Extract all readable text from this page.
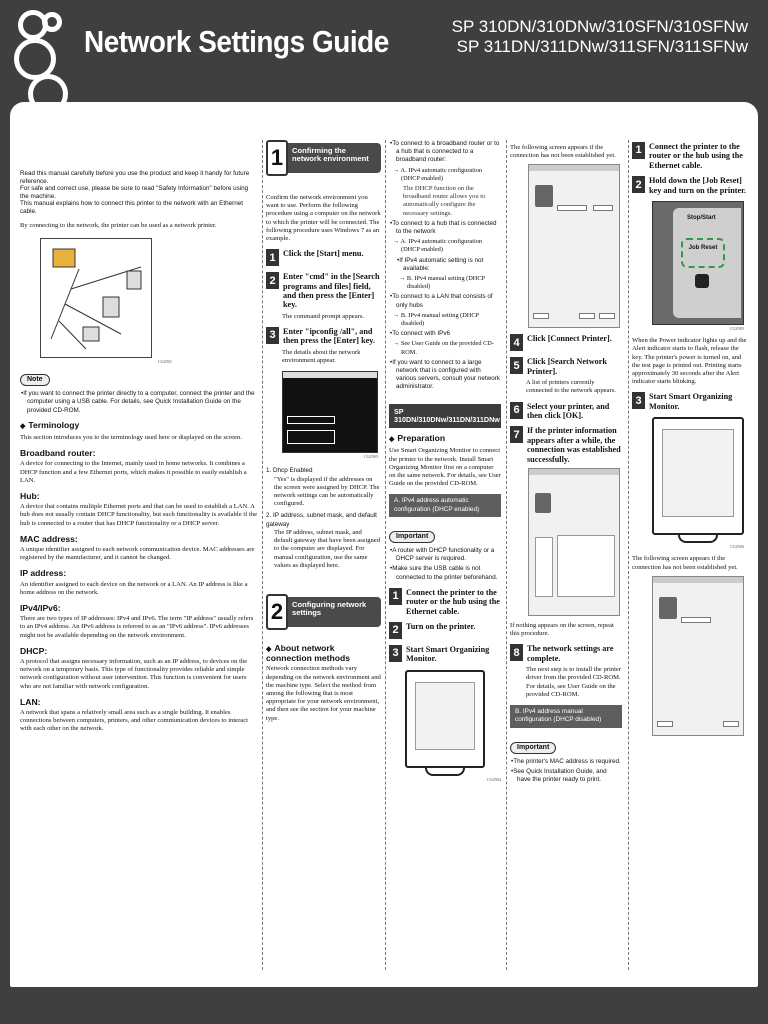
Network Settings Guide	SP 310DN/310DNw/310SFN/310SFNw
SP 311DN/311DNw/311SFN/311SFNw
Read this manual carefully before you use the product and keep it handy for future reference.
For safe and correct use, please be sure to read "Safety Information" before using the machine.
This manual explains how to connect this printer to the network with an Ethernet cable.

By connecting to the network, the printer can be used as a network printer.

CGZ901
Note
• If you want to connect the printer directly to a computer, connect the printer and the computer using a USB cable. For details, see Quick Installation Guide on the provided CD-ROM.
◆ Terminology

This section introduces you to the terminology used here or displayed on the screen.

Broadband router:

A device for connecting to the Internet, mainly used in home networks. It combines a DHCP function and a few Ethernet ports, which makes it possible to easily establish a LAN.

Hub:

A device that contains multiple Ethernet ports and that can be used to establish a LAN. A hub does not usually contain DHCP functionality, but such functionality is available if the hub is connected to a router that has DHCP functionality or a DHCP server.

MAC address:

A unique identifier assigned to each network communication device. MAC addresses are registered by the manufacturer, and it cannot be changed.

IP address:

An identifier assigned to each device on the network or a LAN. An IP address is like a home address on the network.

IPv4/IPv6:

There are two types of IP addresses: IPv4 and IPv6. The term "IP address" usually refers to an IPv4 address. An IPv6 address is referred to as an "IPv6 address". IPv6 addresses might not be available depending on the network environment.

DHCP:

A protocol that assigns necessary information, such as an IP address, to devices on the network on a temporary basis. This type of functionality provides reliable and simple network configuration without user intervention. This function is convenient for users who are not familiar with network configuration.

LAN:

A network that spans a relatively small area such as a single building. It enables connections between computers, printers, and other communication devices to interact with each other on the network.

1	Confirming the network environment

Confirm the network environment you want to use. Perform the following procedure using a computer on the network to which the printer will be connected. The following procedure uses Windows 7 as an example.

1 Click the [Start] menu.
2 Enter "cmd" in the [Search programs and files] field, and then press the [Enter] key.

The command prompt appears.

3 Enter "ipconfig /all", and then press the [Enter] key.

The details about the network environment appear.

CGZ903
1. Dhcp Enabled

"Yes" is displayed if the addresses on the screen were assigned by DHCP. The network settings can be automatically configured.

2. IP address, subnet mask, and default gateway

The IP address, subnet mask, and default gateway that have been assigned to the computer are displayed. For manual configuration, use the same values as displayed here.

2	Configuring network settings
◆ About network connection methods

Network connection methods vary depending on the network environment and the machine type. Select the method from among the following that is most appropriate for your network environment, and then see the section for your machine type.

• To connect to a broadband router or to a hub that is connected to a broadband router:
→ A. IPv4 automatic configuration (DHCP enabled)

The DHCP function on the broadband router allows you to automatically configure the necessary settings.

• To connect to a hub that is connected to the network
→ A. IPv4 automatic configuration (DHCP enabled)
• If IPv4 automatic setting is not available:
→ B. IPv4 manual setting (DHCP disabled)
• To connect to a LAN that consists of only hubs
→ B. IPv4 manual setting (DHCP disabled)
• To connect with IPv6
→ See User Guide on the provided CD-ROM.
• If you want to connect to a large network that is configured with various servers, consult your network administrator.
SP 310DN/310DNw/311DN/311DNw
◆ Preparation

Use Smart Organizing Monitor to connect the printer to the network. Install Smart Organizing Monitor first on a computer on the same network. For details, see User Guide on the provided CD-ROM.

A. IPv4 address automatic configuration (DHCP enabled)
Important
• A router with DHCP functionality or a DHCP server is required.
• Make sure the USB cable is not connected to the printer beforehand.
1 Connect the printer to the router or the hub using the Ethernet cable.
2 Turn on the printer.
3 Start Smart Organizing Monitor.
CGZ904

The following screen appears if the connection has not been established yet.

4 Click [Connect Printer].
5 Click [Search Network Printer].

A list of printers currently connected to the network appears.

6 Select your printer, and then click [OK].
7 If the printer information appears after a while, the connection was established successfully.

If nothing appears on the screen, repeat this procedure.

8 The network settings are complete.

The next step is to install the printer driver from the provided CD-ROM. For details, see User Guide on the provided CD-ROM.

B. IPv4 address manual configuration (DHCP disabled)
Important
• The printer's MAC address is required.
• See Quick Installation Guide, and have the printer ready to print.
1 Connect the printer to the router or the hub using the Ethernet cable.
2 Hold down the [Job Reset] key and turn on the printer.
Stop/Start
Job Reset
CGZ905

When the Power indicator lights up and the Alert indicator starts to flash, release the key. The printer's power is turned on, and the test page is printed out. Printing starts approximately 30 seconds after the Alert indicator starts blinking.

3 Start Smart Organizing Monitor.
CGZ906

The following screen appears if the connection has not been established yet.
